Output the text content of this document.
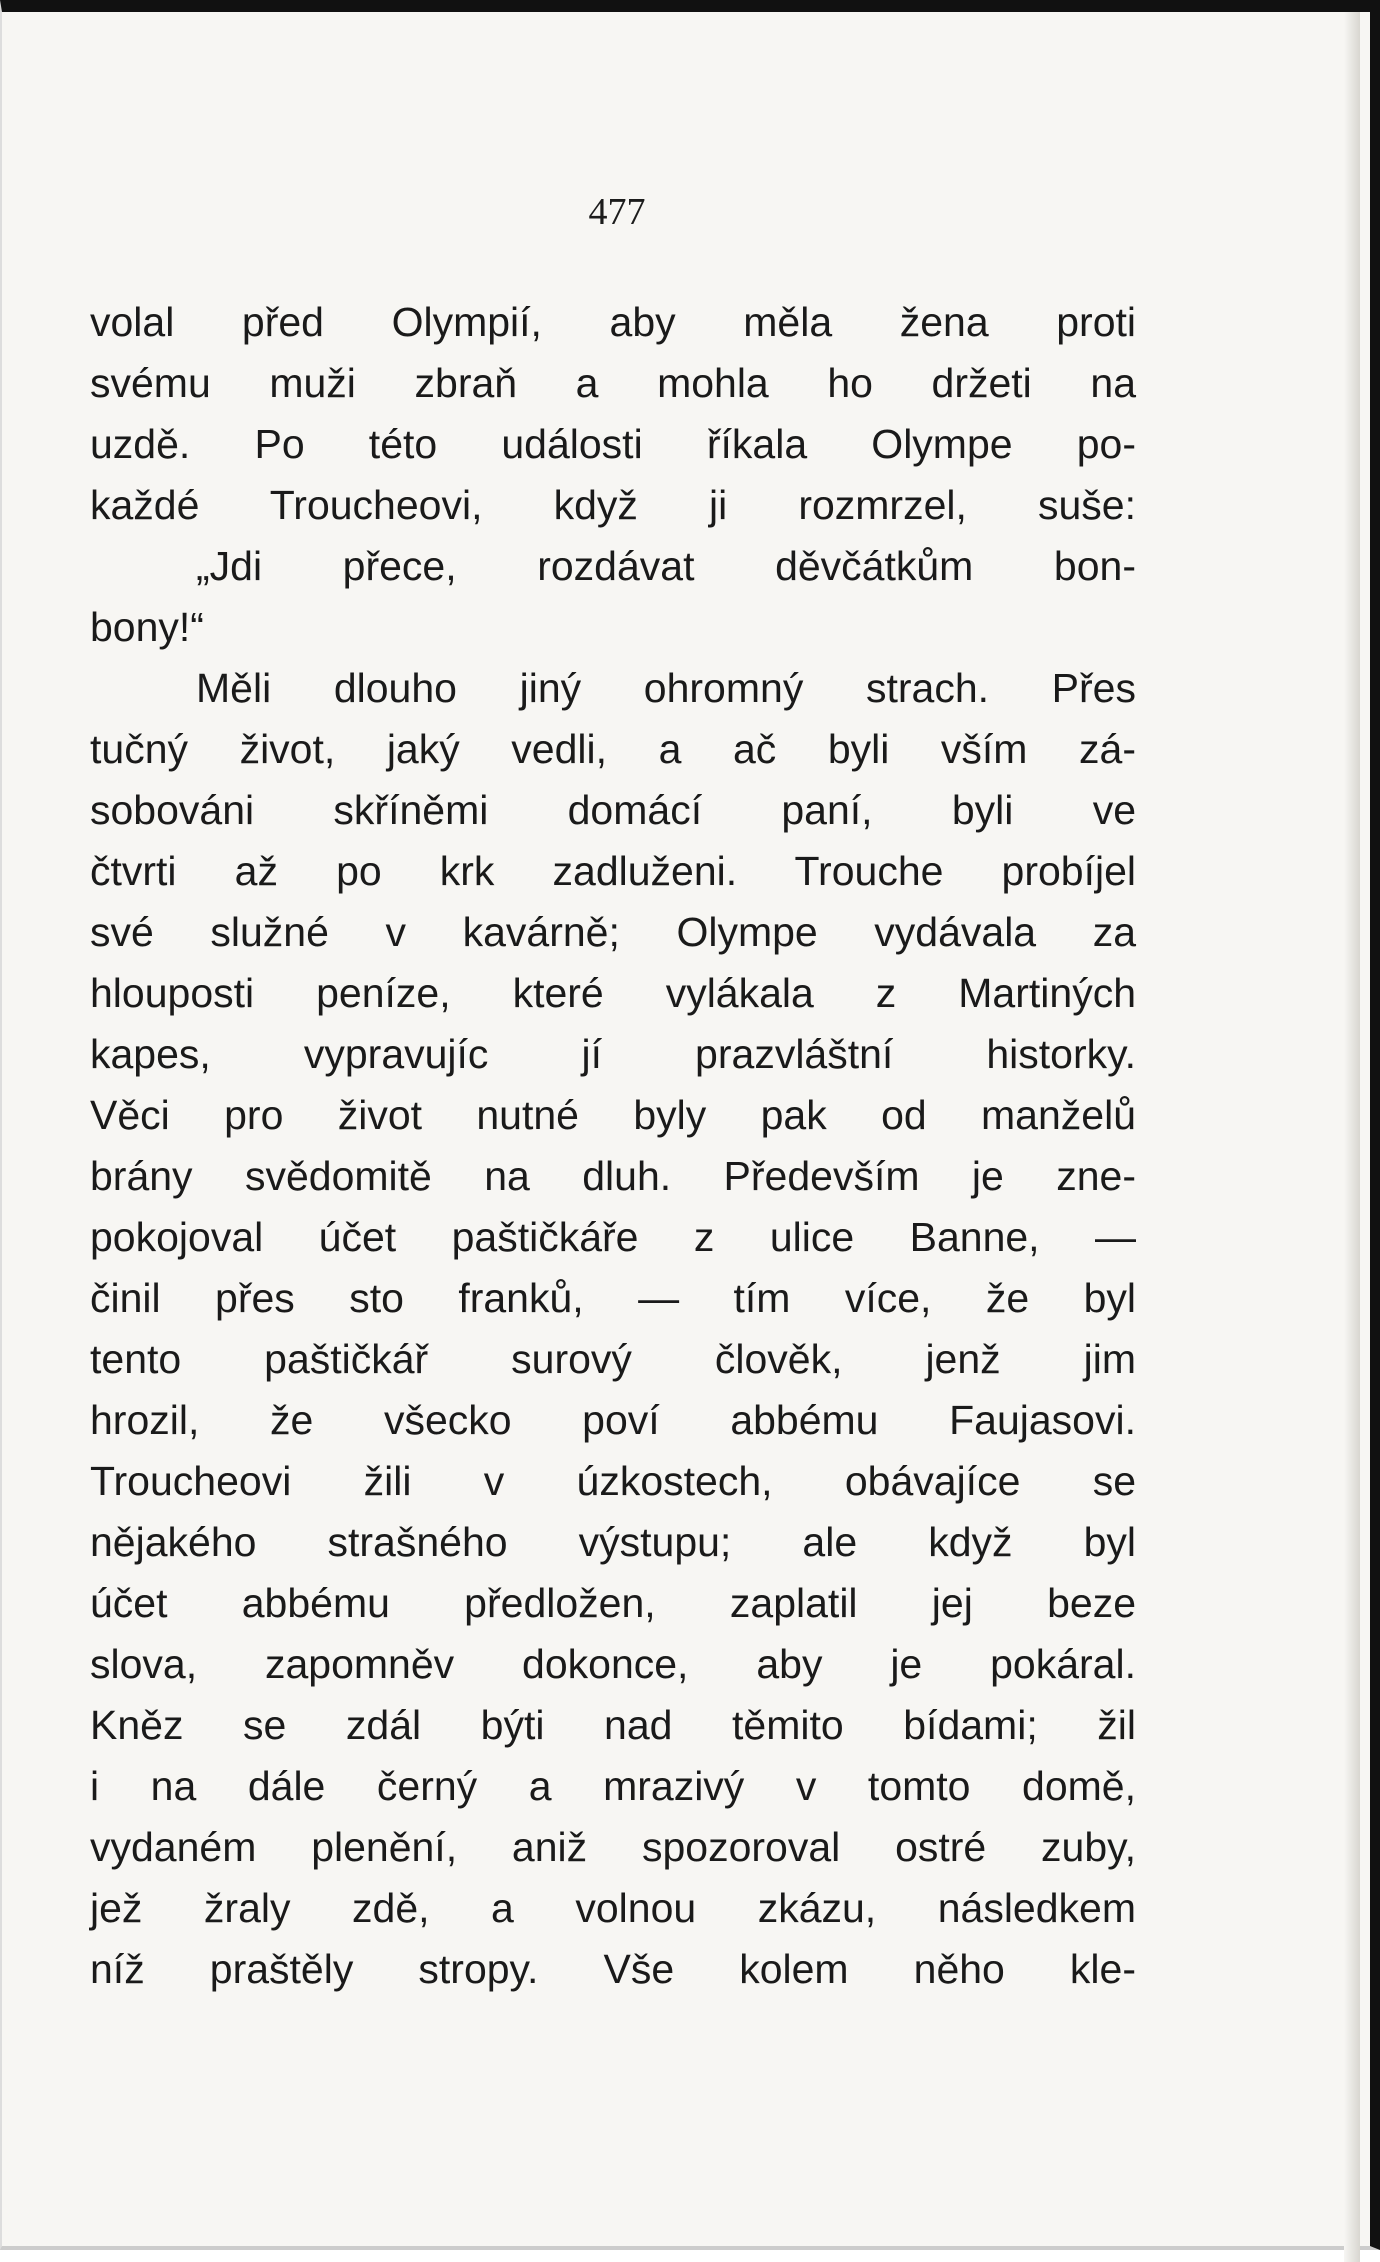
477

volal před Olympií, aby měla žena proti
svému muži zbraň a mohla ho držeti na
uzdě. Po této události říkala Olympe po-
každé Troucheovi, když ji rozmrzel, suše:
„Jdi přece, rozdávat děvčátkům bon-
bony!“
Měli dlouho jiný ohromný strach. Přes
tučný život, jaký vedli, a ač byli vším zá-
sobováni skříněmi domácí paní, byli ve
čtvrti až po krk zadluženi. Trouche probíjel
své služné v kavárně; Olympe vydávala za
hlouposti peníze, které vylákala z Martiných
kapes, vypravujíc jí prazvláštní historky.
Věci pro život nutné byly pak od manželů
brány svědomitě na dluh. Především je zne-
pokojoval účet paštičkáře z ulice Banne, —
činil přes sto franků, — tím více, že byl
tento paštičkář surový člověk, jenž jim
hrozil, že všecko poví abbému Faujasovi.
Troucheovi žili v úzkostech, obávajíce se
nějakého strašného výstupu; ale když byl
účet abbému předložen, zaplatil jej beze
slova, zapomněv dokonce, aby je pokáral.
Kněz se zdál býti nad těmito bídami; žil
i na dále černý a mrazivý v tomto domě,
vydaném plenění, aniž spozoroval ostré zuby,
jež žraly zdě, a volnou zkázu, následkem
níž praštěly stropy. Vše kolem něho kle-
